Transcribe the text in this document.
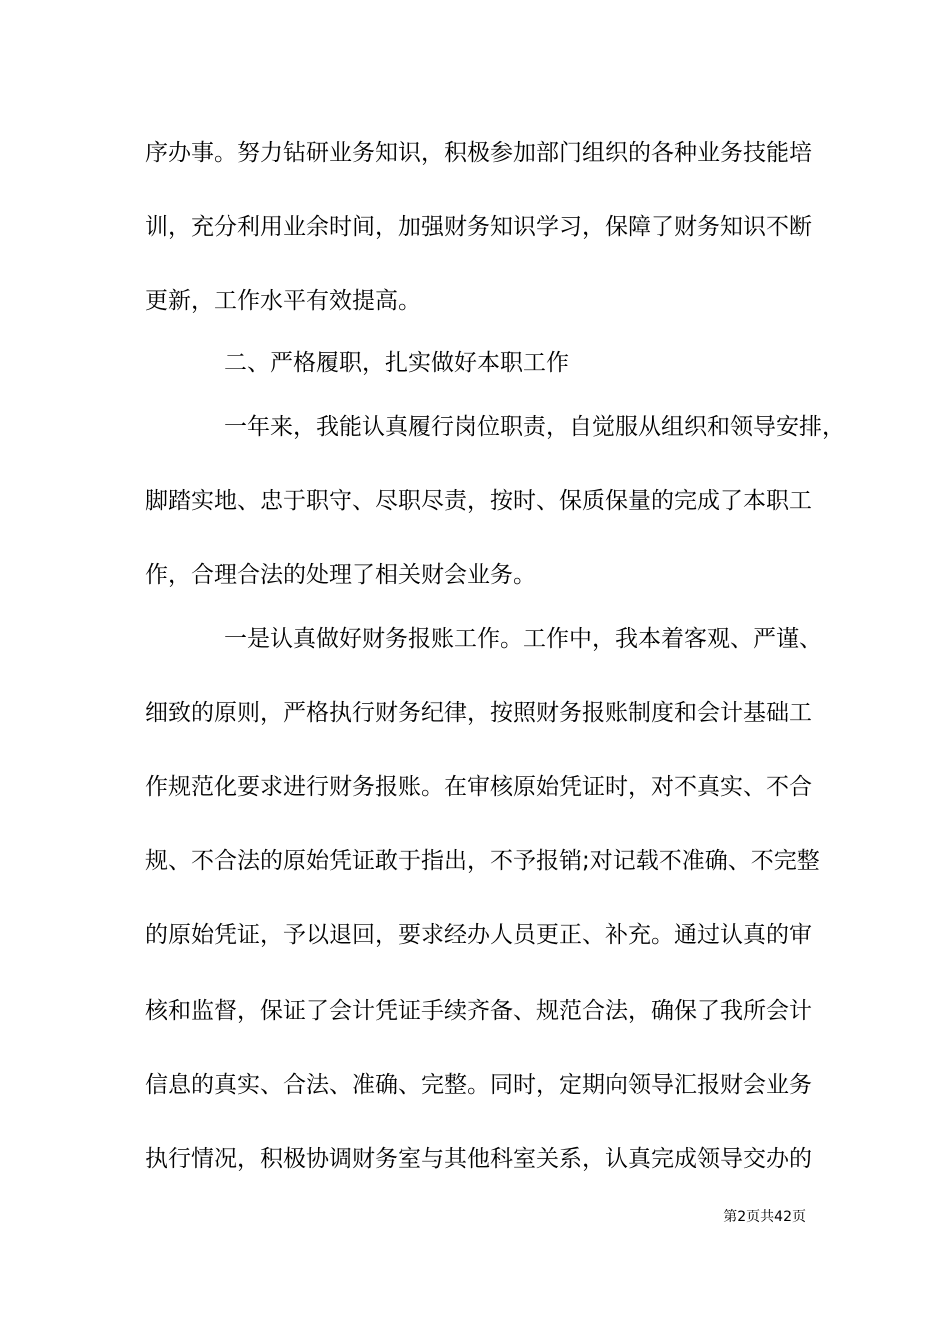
序办事。努力钻研业务知识，积极参加部门组织的各种业务技能培
训，充分利用业余时间，加强财务知识学习，保障了财务知识不断
更新，工作水平有效提高。
二、严格履职，扎实做好本职工作
一年来，我能认真履行岗位职责，自觉服从组织和领导安排，
脚踏实地、忠于职守、尽职尽责，按时、保质保量的完成了本职工
作，合理合法的处理了相关财会业务。
一是认真做好财务报账工作。工作中，我本着客观、严谨、
细致的原则，严格执行财务纪律，按照财务报账制度和会计基础工
作规范化要求进行财务报账。在审核原始凭证时，对不真实、不合
规、不合法的原始凭证敢于指出，不予报销;对记载不准确、不完整
的原始凭证，予以退回，要求经办人员更正、补充。通过认真的审
核和监督，保证了会计凭证手续齐备、规范合法，确保了我所会计
信息的真实、合法、准确、完整。同时，定期向领导汇报财会业务
执行情况，积极协调财务室与其他科室关系，认真完成领导交办的
第2页共42页
